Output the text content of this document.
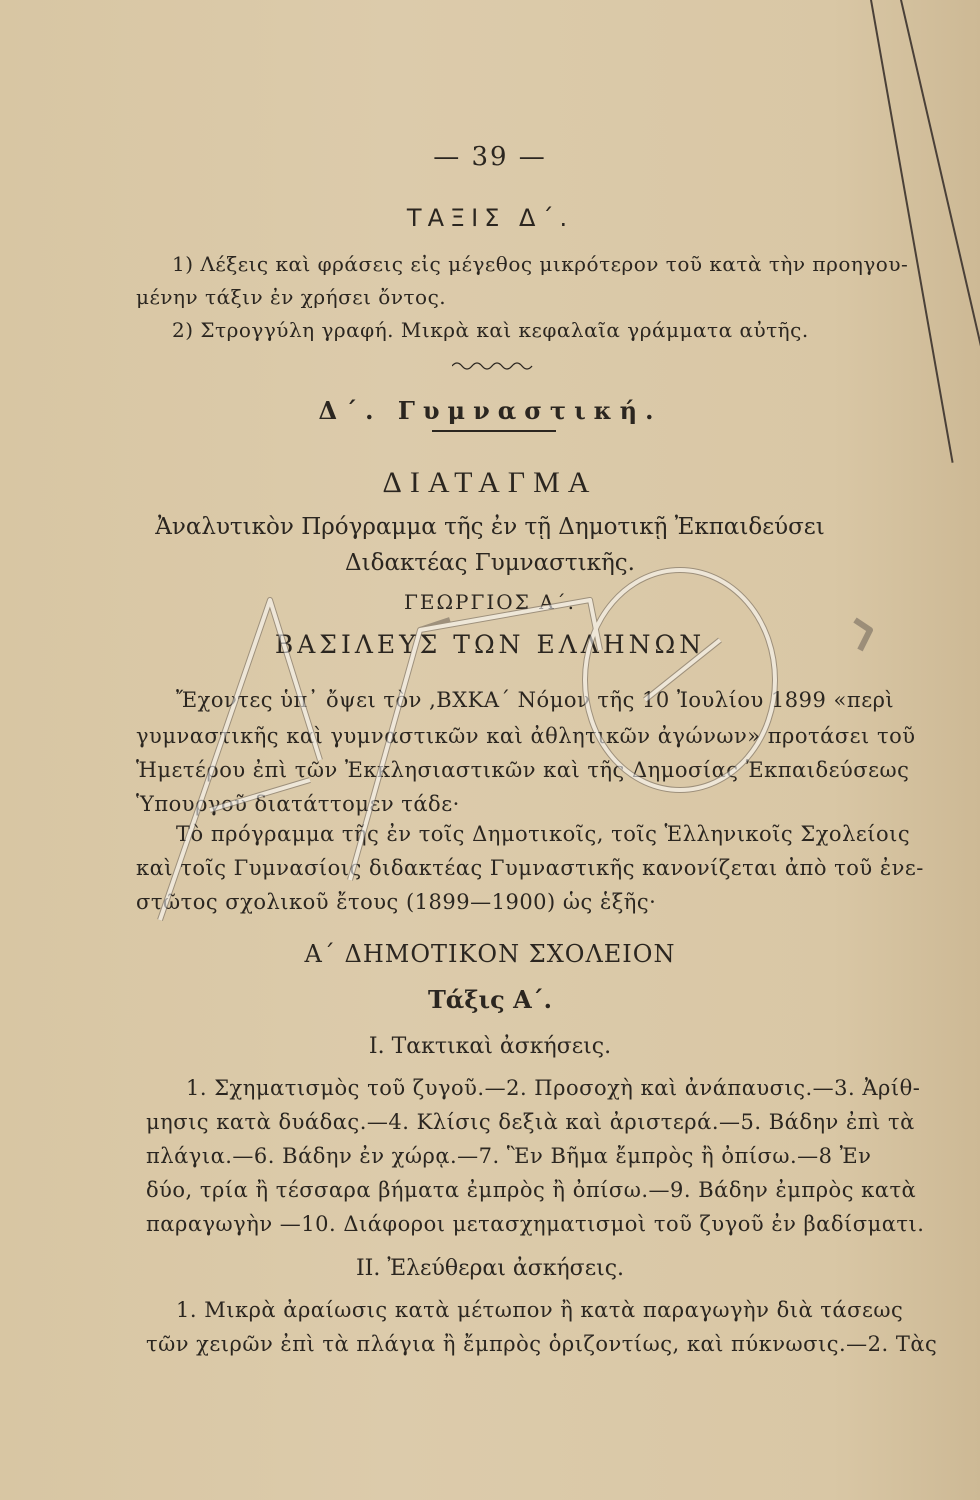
— 39 —
ΤΑΞΙΣ Δ΄.
1) Λέξεις καὶ φράσεις εἰς μέγεθος μικρότερον τοῦ κατὰ τὴν προηγου-
μένην τάξιν ἐν χρήσει ὄντος.
2) Στρογγύλη γραφή. Μικρὰ καὶ κεφαλαῖα γράμματα αὐτῆς.
Δ΄. Γυμναστική.
ΔΙΑΤΑΓΜΑ
Ἀναλυτικὸν Πρόγραμμα τῆς ἐν τῇ Δημοτικῇ Ἐκπαιδεύσει
Διδακτέας Γυμναστικῆς.
ΓΕΩΡΓΙΟΣ Α΄.
ΒΑΣΙΛΕΥΣ ΤΩΝ ΕΛΛΗΝΩΝ
Ἔχοντες ὑπ᾽ ὄψει τὸν ,ΒΧΚΑ΄ Νόμον τῆς 10 Ἰουλίου 1899 «περὶ
γυμναστικῆς καὶ γυμναστικῶν καὶ ἀθλητικῶν ἀγώνων» προτάσει τοῦ
Ἡμετέρου ἐπὶ τῶν Ἐκκλησιαστικῶν καὶ τῆς Δημοσίας Ἐκπαιδεύσεως
Ὑπουργοῦ διατάττομεν τάδε·
Τὸ πρόγραμμα τῆς ἐν τοῖς Δημοτικοῖς, τοῖς Ἑλληνικοῖς Σχολείοις
καὶ τοῖς Γυμνασίοις διδακτέας Γυμναστικῆς κανονίζεται ἀπὸ τοῦ ἐνε-
στῶτος σχολικοῦ ἔτους (1899—1900) ὡς ἑξῆς·
Α΄ ΔΗΜΟΤΙΚΟΝ ΣΧΟΛΕΙΟΝ
Τάξις Α΄.
Ι. Τακτικαὶ ἀσκήσεις.
1. Σχηματισμὸς τοῦ ζυγοῦ.—2. Προσοχὴ καὶ ἀνάπαυσις.—3. Ἀρίθ-
μησις κατὰ δυάδας.—4. Κλίσις δεξιὰ καὶ ἀριστερά.—5. Βάδην ἐπὶ τὰ
πλάγια.—6. Βάδην ἐν χώρᾳ.—7. Ἓν Βῆμα ἔμπρὸς ἢ ὀπίσω.—8 Ἐν
δύο, τρία ἢ τέσσαρα βήματα ἐμπρὸς ἢ ὀπίσω.—9. Βάδην ἐμπρὸς κατὰ
παραγωγὴν —10. Διάφοροι μετασχηματισμοὶ τοῦ ζυγοῦ ἐν βαδίσματι.
ΙΙ. Ἐλεύθεραι ἀσκήσεις.
1. Μικρὰ ἀραίωσις κατὰ μέτωπον ἢ κατὰ παραγωγὴν διὰ τάσεως
τῶν χειρῶν ἐπὶ τὰ πλάγια ἢ ἔμπρὸς ὁριζοντίως, καὶ πύκνωσις.—2. Τὰς
